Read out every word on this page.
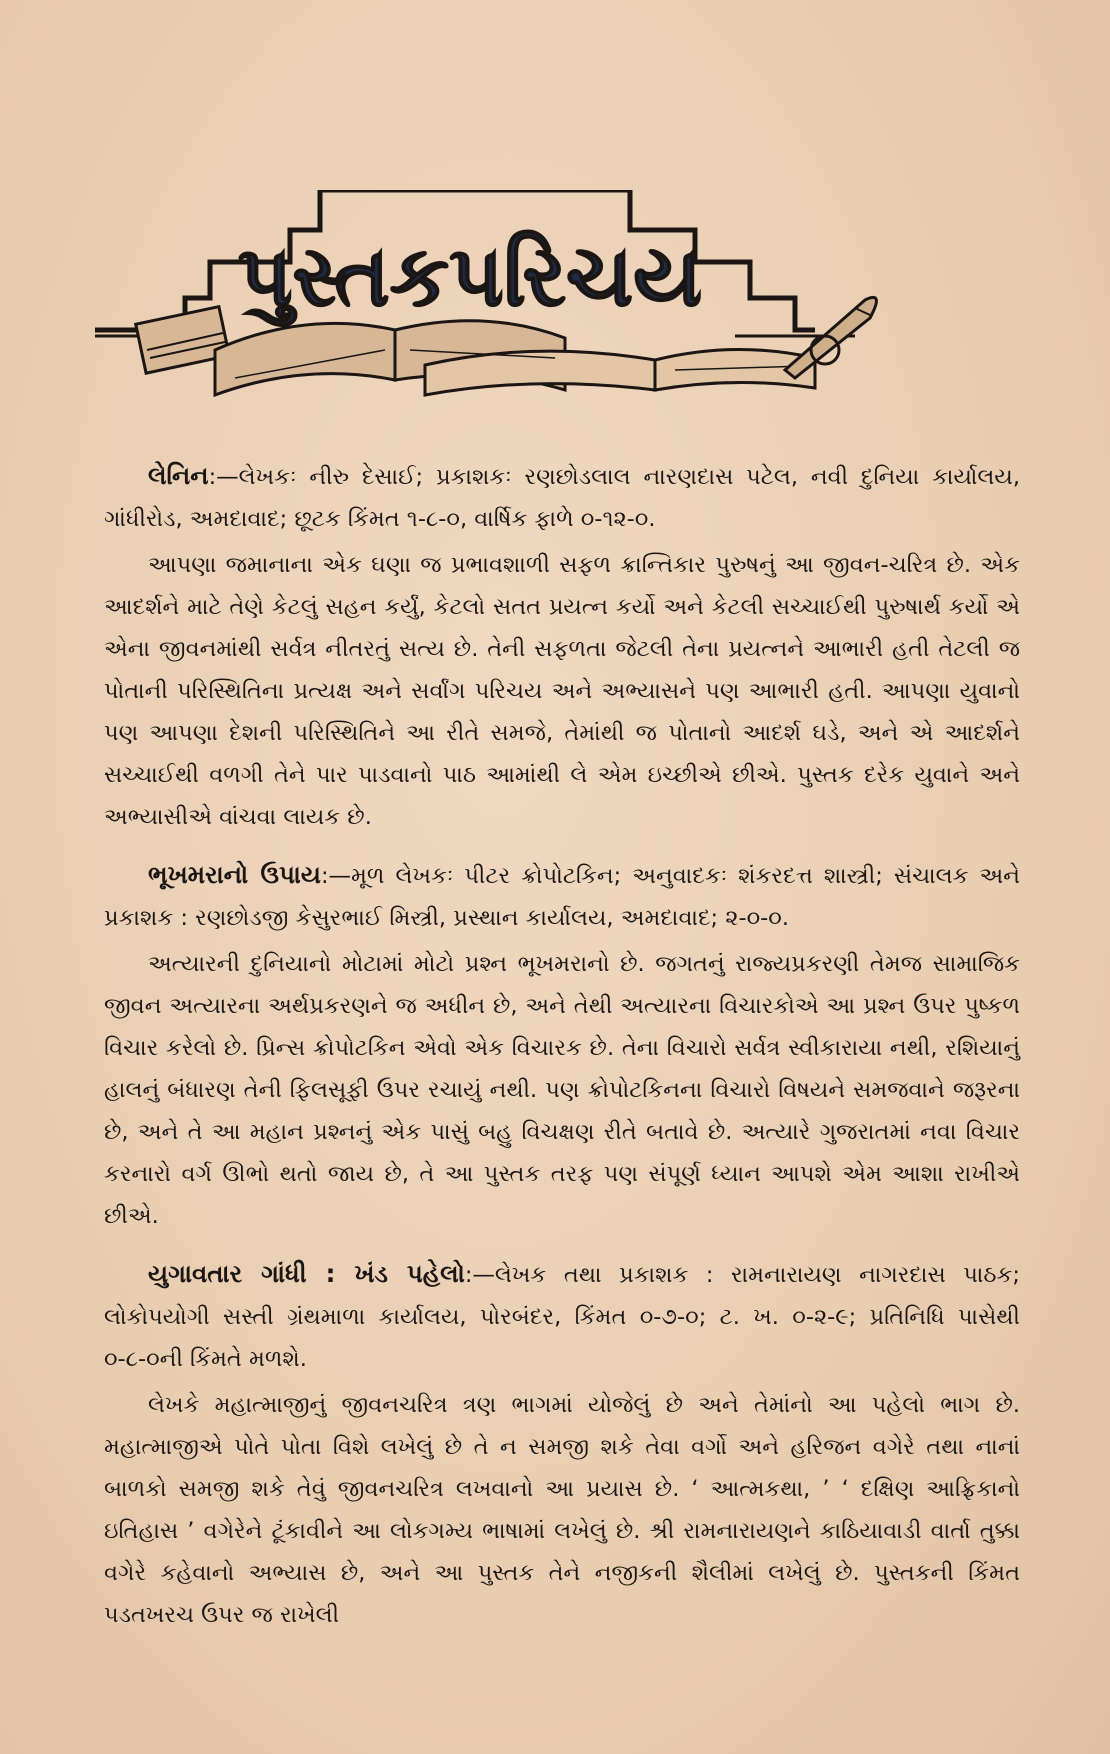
પુસ્તકપરિચય

લેનિન:—લેખકઃ નીરુ દેસાઈ; પ્રકાશકઃ રણછોડલાલ નારણદાસ પટેલ, નવી દુનિયા કાર્યાલય, ગાંધીરોડ, અમદાવાદ; છૂટક કિંમત ૧-૮-૦, વાર્ષિક ફાળે ૦-૧૨-૦.

આપણા જમાનાના એક ઘણા જ પ્રભાવશાળી સફળ ક્રાન્તિકાર પુરુષનું આ જીવન-ચરિત્ર છે. એક આદર્શને માટે તેણે કેટલું સહન કર્યું, કેટલો સતત પ્રયત્ન કર્યો અને કેટલી સચ્ચાઈથી પુરુષાર્થ કર્યો એ એના જીવનમાંથી સર્વત્ર નીતરતું સત્ય છે. તેની સફળતા જેટલી તેના પ્રયત્નને આભારી હતી તેટલી જ પોતાની પરિસ્થિતિના પ્રત્યક્ષ અને સર્વાંગ પરિચય અને અભ્યાસને પણ આભારી હતી. આપણા યુવાનો પણ આપણા દેશની પરિસ્થિતિને આ રીતે સમજે, તેમાંથી જ પોતાનો આદર્શ ઘડે, અને એ આદર્શને સચ્ચાઈથી વળગી તેને પાર પાડવાનો પાઠ આમાંથી લે એમ ઇચ્છીએ છીએ. પુસ્તક દરેક યુવાને અને અભ્યાસીએ વાંચવા લાયક છે.

ભૂખમરાનો ઉપાય:—મૂળ લેખકઃ પીટર ક્રોપોટકિન; અનુવાદકઃ શંકરદત્ત શાસ્ત્રી; સંચાલક અને પ્રકાશક : રણછોડજી કેસુરભાઈ મિસ્ત્રી, પ્રસ્થાન કાર્યાલય, અમદાવાદ; ૨-૦-૦.

અત્યારની દુનિયાનો મોટામાં મોટો પ્રશ્ન ભૂખમરાનો છે. જગતનું રાજ્યપ્રકરણી તેમજ સામાજિક જીવન અત્યારના અર્થપ્રકરણને જ અધીન છે, અને તેથી અત્યારના વિચારકોએ આ પ્રશ્ન ઉપર પુષ્કળ વિચાર કરેલો છે. પ્રિન્સ ક્રોપોટકિન એવો એક વિચારક છે. તેના વિચારો સર્વત્ર સ્વીકારાયા નથી, રશિયાનું હાલનું બંધારણ તેની ફિલસૂફી ઉપર રચાયું નથી. પણ ક્રોપોટકિનના વિચારો વિષયને સમજવાને જરૂરના છે, અને તે આ મહાન પ્રશ્નનું એક પાસું બહુ વિચક્ષણ રીતે બતાવે છે. અત્યારે ગુજરાતમાં નવા વિચાર કરનારો વર્ગ ઊભો થતો જાય છે, તે આ પુસ્તક તરફ પણ સંપૂર્ણ ધ્યાન આપશે એમ આશા રાખીએ છીએ.

યુગાવતાર ગાંધી : ખંડ પહેલો:—લેખક તથા પ્રકાશક : રામનારાયણ નાગરદાસ પાઠક; લોકોપયોગી સસ્તી ગ્રંથમાળા કાર્યાલય, પોરબંદર, કિંમત ૦-૭-૦; ટ. ખ. ૦-૨-૯; પ્રતિનિધિ પાસેથી ૦-૮-૦ની કિંમતે મળશે.

લેખકે મહાત્માજીનું જીવનચરિત્ર ત્રણ ભાગમાં યોજેલું છે અને તેમાંનો આ પહેલો ભાગ છે. મહાત્માજીએ પોતે પોતા વિશે લખેલું છે તે ન સમજી શકે તેવા વર્ગો અને હરિજન વગેરે તથા નાનાં બાળકો સમજી શકે તેવું જીવનચરિત્ર લખવાનો આ પ્રયાસ છે. ‘ આત્મકથા, ’ ‘ દક્ષિણ આફ્રિકાનો ઇતિહાસ ’ વગેરેને ટૂંકાવીને આ લોકગમ્ય ભાષામાં લખેલું છે. શ્રી રામનારાયણને કાઠિયાવાડી વાર્તા તુક્કા વગેરે કહેવાનો અભ્યાસ છે, અને આ પુસ્તક તેને નજીકની શૈલીમાં લખેલું છે. પુસ્તકની કિંમત પડતખરચ ઉપર જ રાખેલી
